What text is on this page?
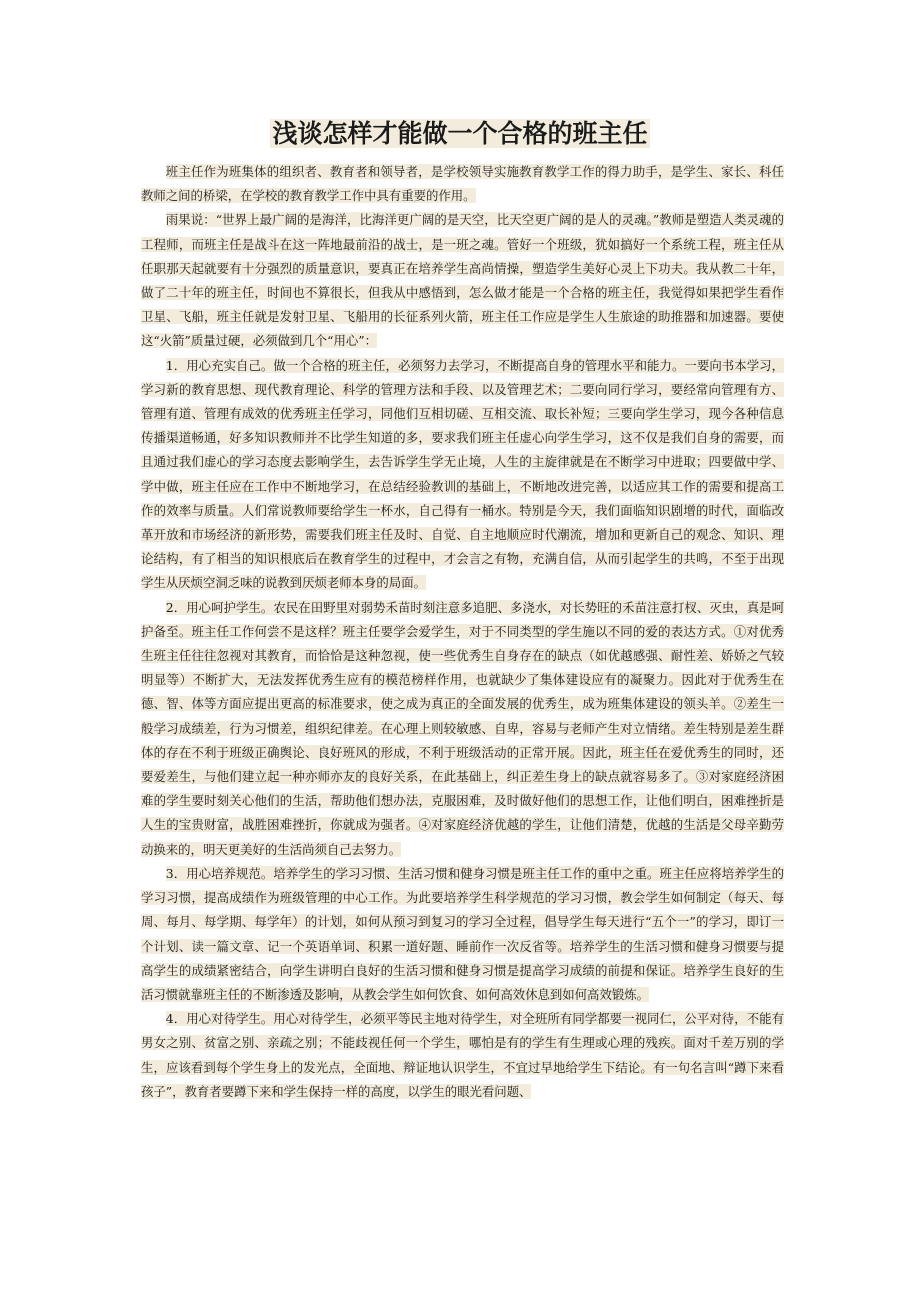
浅谈怎样才能做一个合格的班主任

班主任作为班集体的组织者、教育者和领导者，是学校领导实施教育教学工作的得力助手，是学生、家长、科任教师之间的桥梁，在学校的教育教学工作中具有重要的作用。

雨果说：“世界上最广阔的是海洋，比海洋更广阔的是天空，比天空更广阔的是人的灵魂。”教师是塑造人类灵魂的工程师，而班主任是战斗在这一阵地最前沿的战士，是一班之魂。管好一个班级，犹如搞好一个系统工程，班主任从任职那天起就要有十分强烈的质量意识，要真正在培养学生高尚情操，塑造学生美好心灵上下功夫。我从教二十年，做了二十年的班主任，时间也不算很长，但我从中感悟到，怎么做才能是一个合格的班主任，我觉得如果把学生看作卫星、飞船，班主任就是发射卫星、飞船用的长征系列火箭，班主任工作应是学生人生旅途的助推器和加速器。要使这“火箭”质量过硬，必须做到几个“用心”：

1．用心充实自己。做一个合格的班主任，必须努力去学习，不断提高自身的管理水平和能力。一要向书本学习，学习新的教育思想、现代教育理论、科学的管理方法和手段、以及管理艺术；二要向同行学习，要经常向管理有方、管理有道、管理有成效的优秀班主任学习，同他们互相切磋、互相交流、取长补短；三要向学生学习，现今各种信息传播渠道畅通，好多知识教师并不比学生知道的多，要求我们班主任虚心向学生学习，这不仅是我们自身的需要，而且通过我们虚心的学习态度去影响学生，去告诉学生学无止境，人生的主旋律就是在不断学习中进取；四要做中学、学中做，班主任应在工作中不断地学习，在总结经验教训的基础上，不断地改进完善，以适应其工作的需要和提高工作的效率与质量。人们常说教师要给学生一杯水，自己得有一桶水。特别是今天，我们面临知识剧增的时代，面临改革开放和市场经济的新形势，需要我们班主任及时、自觉、自主地顺应时代潮流，增加和更新自己的观念、知识、理论结构，有了相当的知识根底后在教育学生的过程中，才会言之有物，充满自信，从而引起学生的共鸣，不至于出现学生从厌烦空洞乏味的说教到厌烦老师本身的局面。

2．用心呵护学生。农民在田野里对弱势禾苗时刻注意多追肥、多浇水，对长势旺的禾苗注意打杈、灭虫，真是呵护备至。班主任工作何尝不是这样？班主任要学会爱学生，对于不同类型的学生施以不同的爱的表达方式。①对优秀生班主任往往忽视对其教育，而恰恰是这种忽视，使一些优秀生自身存在的缺点（如优越感强、耐性差、娇娇之气较明显等）不断扩大，无法发挥优秀生应有的模范榜样作用，也就缺少了集体建设应有的凝聚力。因此对于优秀生在德、智、体等方面应提出更高的标准要求，使之成为真正的全面发展的优秀生，成为班集体建设的领头羊。②差生一般学习成绩差，行为习惯差，组织纪律差。在心理上则较敏感、自卑，容易与老师产生对立情绪。差生特别是差生群体的存在不利于班级正确舆论、良好班风的形成，不利于班级活动的正常开展。因此，班主任在爱优秀生的同时，还要爱差生，与他们建立起一种亦师亦友的良好关系，在此基础上，纠正差生身上的缺点就容易多了。③对家庭经济困难的学生要时刻关心他们的生活，帮助他们想办法，克服困难，及时做好他们的思想工作，让他们明白，困难挫折是人生的宝贵财富，战胜困难挫折，你就成为强者。④对家庭经济优越的学生，让他们清楚，优越的生活是父母辛勤劳动换来的，明天更美好的生活尚须自己去努力。

3．用心培养规范。培养学生的学习习惯、生活习惯和健身习惯是班主任工作的重中之重。班主任应将培养学生的学习习惯，提高成绩作为班级管理的中心工作。为此要培养学生科学规范的学习习惯，教会学生如何制定（每天、每周、每月、每学期、每学年）的计划，如何从预习到复习的学习全过程，倡导学生每天进行“五个一”的学习，即订一个计划、读一篇文章、记一个英语单词、积累一道好题、睡前作一次反省等。培养学生的生活习惯和健身习惯要与提高学生的成绩紧密结合，向学生讲明白良好的生活习惯和健身习惯是提高学习成绩的前提和保证。培养学生良好的生活习惯就靠班主任的不断渗透及影响，从教会学生如何饮食、如何高效休息到如何高效锻炼。

4．用心对待学生。用心对待学生，必须平等民主地对待学生，对全班所有同学都要一视同仁，公平对待，不能有男女之别、贫富之别、亲疏之别；不能歧视任何一个学生，哪怕是有的学生有生理或心理的残疾。面对千差万别的学生，应该看到每个学生身上的发光点，全面地、辩证地认识学生，不宜过早地给学生下结论。有一句名言叫“蹲下来看孩子”，教育者要蹲下来和学生保持一样的高度，以学生的眼光看问题、
